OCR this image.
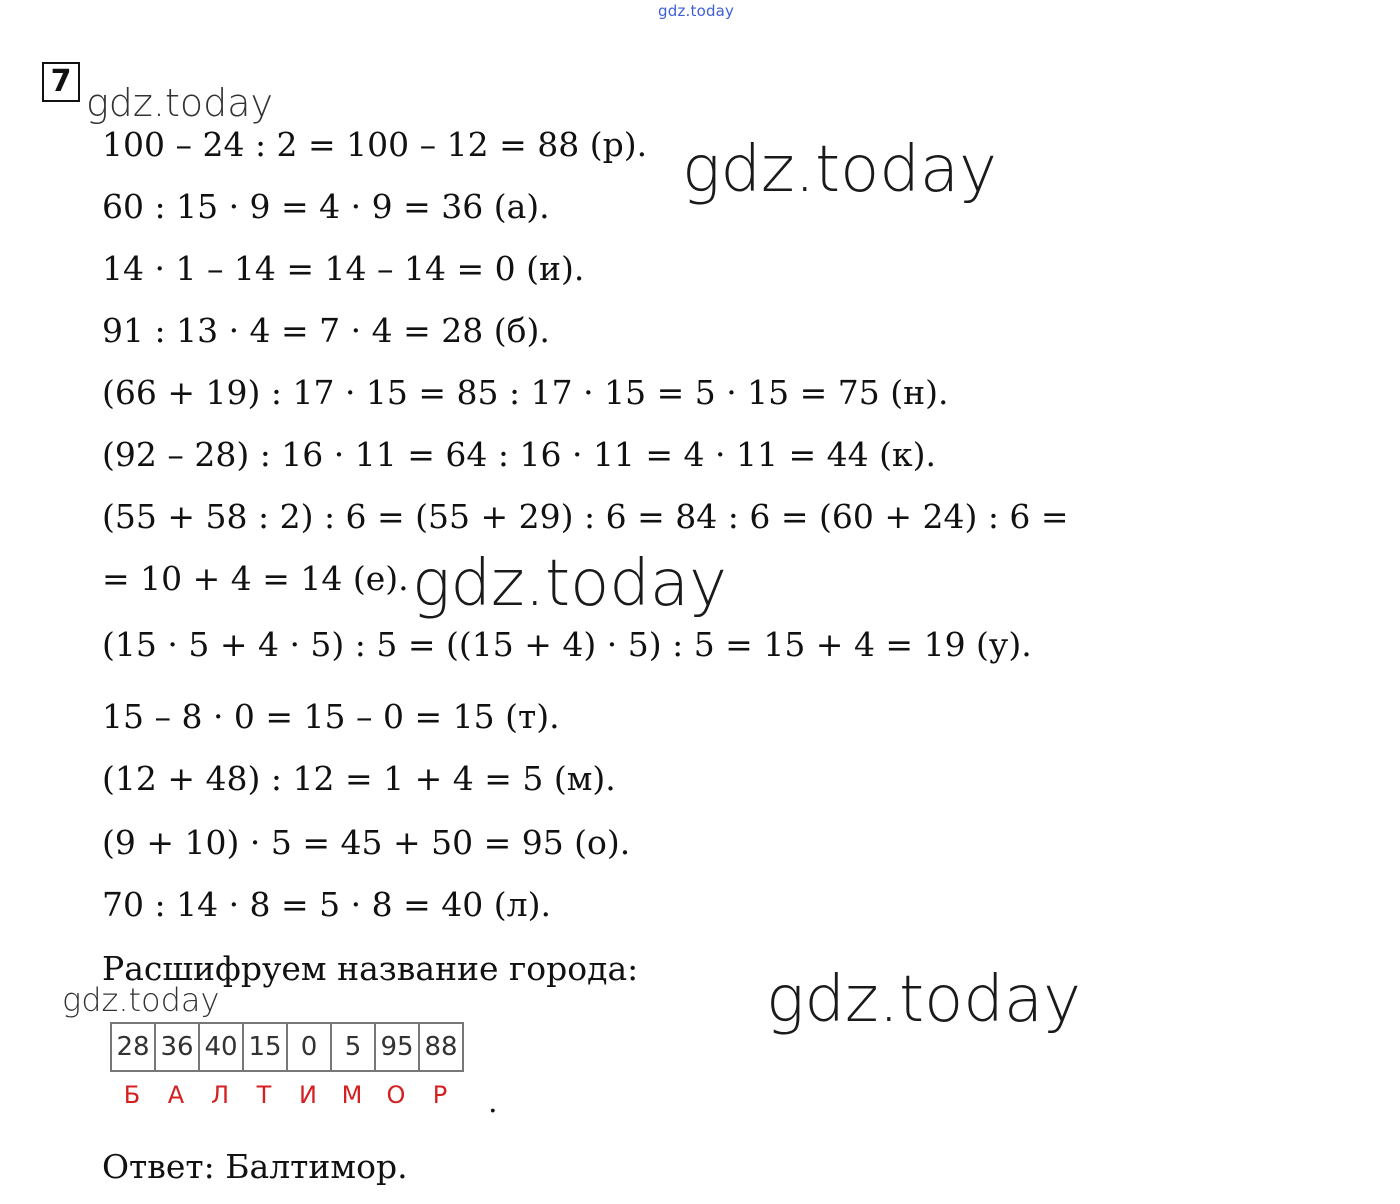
gdz.today
7 gdz.today
gdz.today
100 – 24 : 2 = 100 – 12 = 88 (р).
60 : 15 · 9 = 4 · 9 = 36 (а).
14 · 1 – 14 = 14 – 14 = 0 (и).
91 : 13 · 4 = 7 · 4 = 28 (б).
(66 + 19) : 17 · 15 = 85 : 17 · 15 = 5 · 15 = 75 (н).
(92 – 28) : 16 · 11 = 64 : 16 · 11 = 4 · 11 = 44 (к).
(55 + 58 : 2) : 6 = (55 + 29) : 6 = 84 : 6 = (60 + 24) : 6 =
= 10 + 4 = 14 (е).
(15 · 5 + 4 · 5) : 5 = ((15 + 4) · 5) : 5 = 15 + 4 = 19 (у).
15 – 8 · 0 = 15 – 0 = 15 (т).
(12 + 48) : 12 = 1 + 4 = 5 (м).
(9 + 10) · 5 = 45 + 50 = 95 (о).
70 : 14 · 8 = 5 · 8 = 40 (л).
Расшифруем название города:
gdz.today
gdz.today
gdz.today
28 36 40 15 0	5 95 88
Б	А	Л	Т	И	М	О	Р	.
Ответ: Балтимор.
